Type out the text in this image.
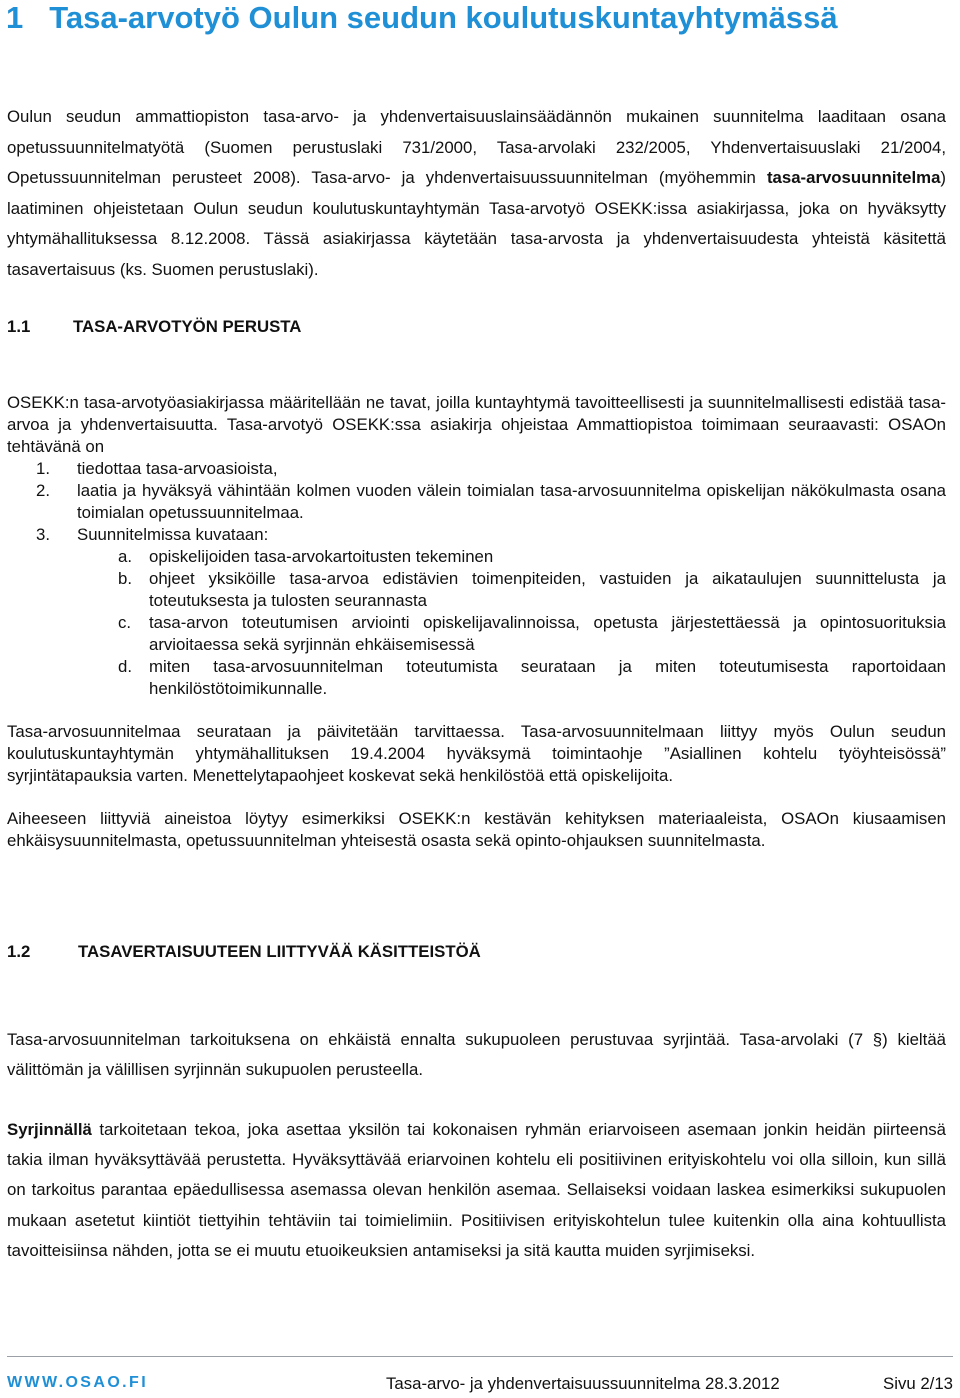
1 Tasa-arvotyö Oulun seudun koulutuskuntayhtymässä

Oulun seudun ammattiopiston tasa-arvo- ja yhdenvertaisuuslainsäädännön mukainen suunnitelma laaditaan osana opetussuunnitelmatyötä (Suomen perustuslaki 731/2000, Tasa-arvolaki 232/2005, Yhdenvertaisuuslaki 21/2004, Opetussuunnitelman perusteet 2008). Tasa-arvo- ja yhdenvertaisuussuunnitelman (myöhemmin tasa-arvosuunnitelma) laatiminen ohjeistetaan Oulun seudun koulutuskuntayhtymän Tasa-arvotyö OSEKK:issa asiakirjassa, joka on hyväksytty yhtymähallituksessa 8.12.2008. Tässä asiakirjassa käytetään tasa-arvosta ja yhdenvertaisuudesta yhteistä käsitettä tasavertaisuus (ks. Suomen perustuslaki).

1.1	TASA-ARVOTYÖN PERUSTA

OSEKK:n tasa-arvotyöasiakirjassa määritellään ne tavat, joilla kuntayhtymä tavoitteellisesti ja suunnitelmallisesti edistää tasa-arvoa ja yhdenvertaisuutta. Tasa-arvotyö OSEKK:ssa asiakirja ohjeistaa Ammattiopistoa toimimaan seuraavasti: OSAOn tehtävänä on

1.	tiedottaa tasa-arvoasioista,
2.	laatia ja hyväksyä vähintään kolmen vuoden välein toimialan tasa-arvosuunnitelma opiskelijan näkökulmasta osana toimialan opetussuunnitelmaa.
3.	Suunnitelmissa kuvataan:
a.	opiskelijoiden tasa-arvokartoitusten tekeminen
b.	ohjeet yksiköille tasa-arvoa edistävien toimenpiteiden, vastuiden ja aikataulujen suunnittelusta ja toteutuksesta ja tulosten seurannasta
c.	tasa-arvon toteutumisen arviointi opiskelijavalinnoissa, opetusta järjestettäessä ja opintosuorituksia arvioitaessa sekä syrjinnän ehkäisemisessä
d.	miten tasa-arvosuunnitelman toteutumista seurataan ja miten toteutumisesta raportoidaan henkilöstötoimikunnalle.

Tasa-arvosuunnitelmaa seurataan ja päivitetään tarvittaessa. Tasa-arvosuunnitelmaan liittyy myös Oulun seudun koulutuskuntayhtymän yhtymähallituksen 19.4.2004 hyväksymä toimintaohje ”Asiallinen kohtelu työyhteisössä” syrjintätapauksia varten. Menettelytapaohjeet koskevat sekä henkilöstöä että opiskelijoita.

Aiheeseen liittyviä aineistoa löytyy esimerkiksi OSEKK:n kestävän kehityksen materiaaleista, OSAOn kiusaamisen ehkäisysuunnitelmasta, opetussuunnitelman yhteisestä osasta sekä opinto-ohjauksen suunnitelmasta.

1.2	TASAVERTAISUUTEEN LIITTYVÄÄ KÄSITTEISTÖÄ

Tasa-arvosuunnitelman tarkoituksena on ehkäistä ennalta sukupuoleen perustuvaa syrjintää. Tasa-arvolaki (7 §) kieltää välittömän ja välillisen syrjinnän sukupuolen perusteella.

Syrjinnällä tarkoitetaan tekoa, joka asettaa yksilön tai kokonaisen ryhmän eriarvoiseen asemaan jonkin heidän piirteensä takia ilman hyväksyttävää perustetta. Hyväksyttävää eriarvoinen kohtelu eli positiivinen erityiskohtelu voi olla silloin, kun sillä on tarkoitus parantaa epäedullisessa asemassa olevan henkilön asemaa. Sellaiseksi voidaan laskea esimerkiksi sukupuolen mukaan asetetut kiintiöt tiettyihin tehtäviin tai toimielimiin. Positiivisen erityiskohtelun tulee kuitenkin olla aina kohtuullista tavoitteisiinsa nähden, jotta se ei muutu etuoikeuksien antamiseksi ja sitä kautta muiden syrjimiseksi.

WWW.OSAO.FI	Tasa-arvo- ja yhdenvertaisuussuunnitelma 28.3.2012	Sivu 2/13
